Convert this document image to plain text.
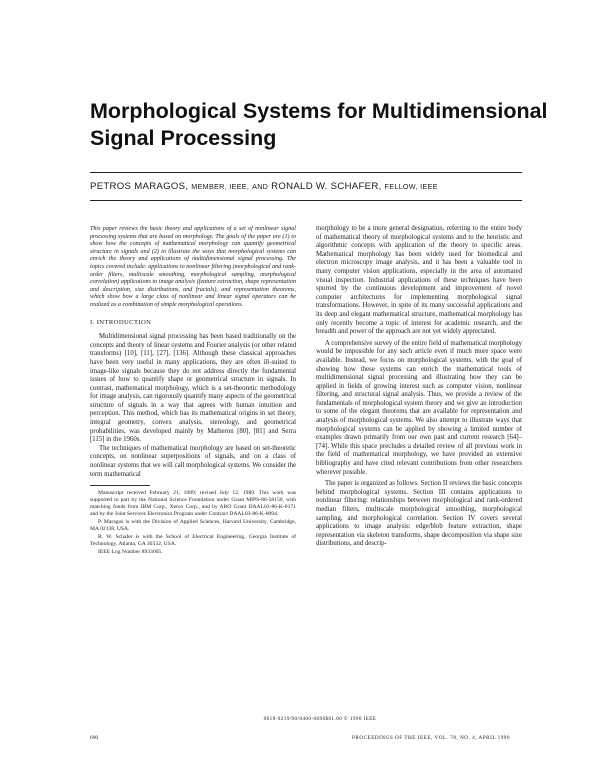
Morphological Systems for Multidimensional
Signal Processing
PETROS MARAGOS, MEMBER, IEEE, AND RONALD W. SCHAFER, FELLOW, IEEE

This paper reviews the basic theory and applications of a set of nonlinear signal processing systems that are based on morphology. The goals of the paper are (1) to show how the concepts of mathematical morphology can quantify geometrical structure in signals and (2) to illustrate the ways that morphological systems can enrich the theory and applications of multidimensional signal processing. The topics covered include: applications to nonlinear filtering (morphological and rank-order filters, multiscale smoothing, morphological sampling, morphological correlation) applications to image analysis (feature extraction, shape representation and description, size distributions, and fractals), and representation theorems, which show how a large class of nonlinear and linear signal operators can be realized as a combination of simple morphological operations.

I. INTRODUCTION

Multidimensional signal processing has been based traditionally on the concepts and theory of linear systems and Fourier analysis (or other related transforms) [10], [11], [27], [136]. Although these classical approaches have been very useful in many applications, they are often ill-suited to image-like signals because they do not address directly the fundamental issues of how to quantify shape or geometrical structure in signals. In contrast, mathematical morphology, which is a set-theoretic methodology for image analysis, can rigorously quantify many aspects of the geometrical structure of signals in a way that agrees with human intuition and perception. This method, which has its mathematical origins in set theory, integral geometry, convex analysis, stereology, and geometrical probabilities, was developed mainly by Matheron [80], [81] and Serra [115] in the 1960s.

The techniques of mathematical morphology are based on set-theoretic concepts, on nonlinear superpositions of signals, and on a class of nonlinear systems that we will call morphological systems. We consider the term mathematical

Manuscript received February 21, 1989; revised July 12, 1989. This work was supported in part by the National Science Foundation under Grant MIPS-86-58150, with matching funds from IBM Corp., Xerox Corp., and by ARO Grant DAAL03-86-K-0171 and by the Joint Services Electronics Program under Contract DAAL03-86-K-0094.

P. Maragos is with the Division of Applied Sciences, Harvard University, Cambridge, MA 02138, USA.

R. W. Schafer is with the School of Electrical Engineering, Georgia Institute of Technology, Atlanta, GA 30332, USA.

IEEE Log Number 8933605.

morphology to be a more general designation, referring to the entire body of mathematical theory of morphological systems and to the heuristic and algorithmic concepts with application of the theory to specific areas. Mathematical morphology has been widely used for biomedical and electron microscopy image analysis, and it has been a valuable tool in many computer vision applications, especially in the area of automated visual inspection. Industrial applications of these techniques have been spurred by the continuous development and improvement of novel computer architectures for implementing morphological signal transformations. However, in spite of its many successful applications and its deep and elegant mathematical structure, mathematical morphology has only recently become a topic of interest for academic research, and the breadth and power of the approach are not yet widely appreciated.

A comprehensive survey of the entire field of mathematical morphology would be impossible for any such article even if much more space were available. Instead, we focus on morphological systems, with the goal of showing how these systems can enrich the mathematical tools of multidimensional signal processing and illustrating how they can be applied in fields of growing interest such as computer vision, nonlinear filtering, and structural signal analysis. Thus, we provide a review of the fundamentals of morphological system theory and we give an introduction to some of the elegant theorems that are available for representation and analysis of morphological systems. We also attempt to illustrate ways that morphological systems can be applied by showing a limited number of examples drawn primarily from our own past and current research [64]–[74]. While this space precludes a detailed review of all previous work in the field of mathematical morphology, we have provided an extensive bibliography and have cited relevant contributions from other researchers wherever possible.

The paper is organized as follows. Section II reviews the basic concepts behind morphological systems. Section III contains applications to nonlinear filtering: relationships between morphological and rank-ordered median filters, multiscale morphological smoothing, morphological sampling, and morphological correlation. Section IV covers several applications to image analysis: edge/blob feature extraction, shape representation via skeleton transforms, shape decomposition via shape size distributions, and descrip-

0018-9219/90/0400-0690$01.00 © 1990 IEEE
690	PROCEEDINGS OF THE IEEE, VOL. 78, NO. 4, APRIL 1990
